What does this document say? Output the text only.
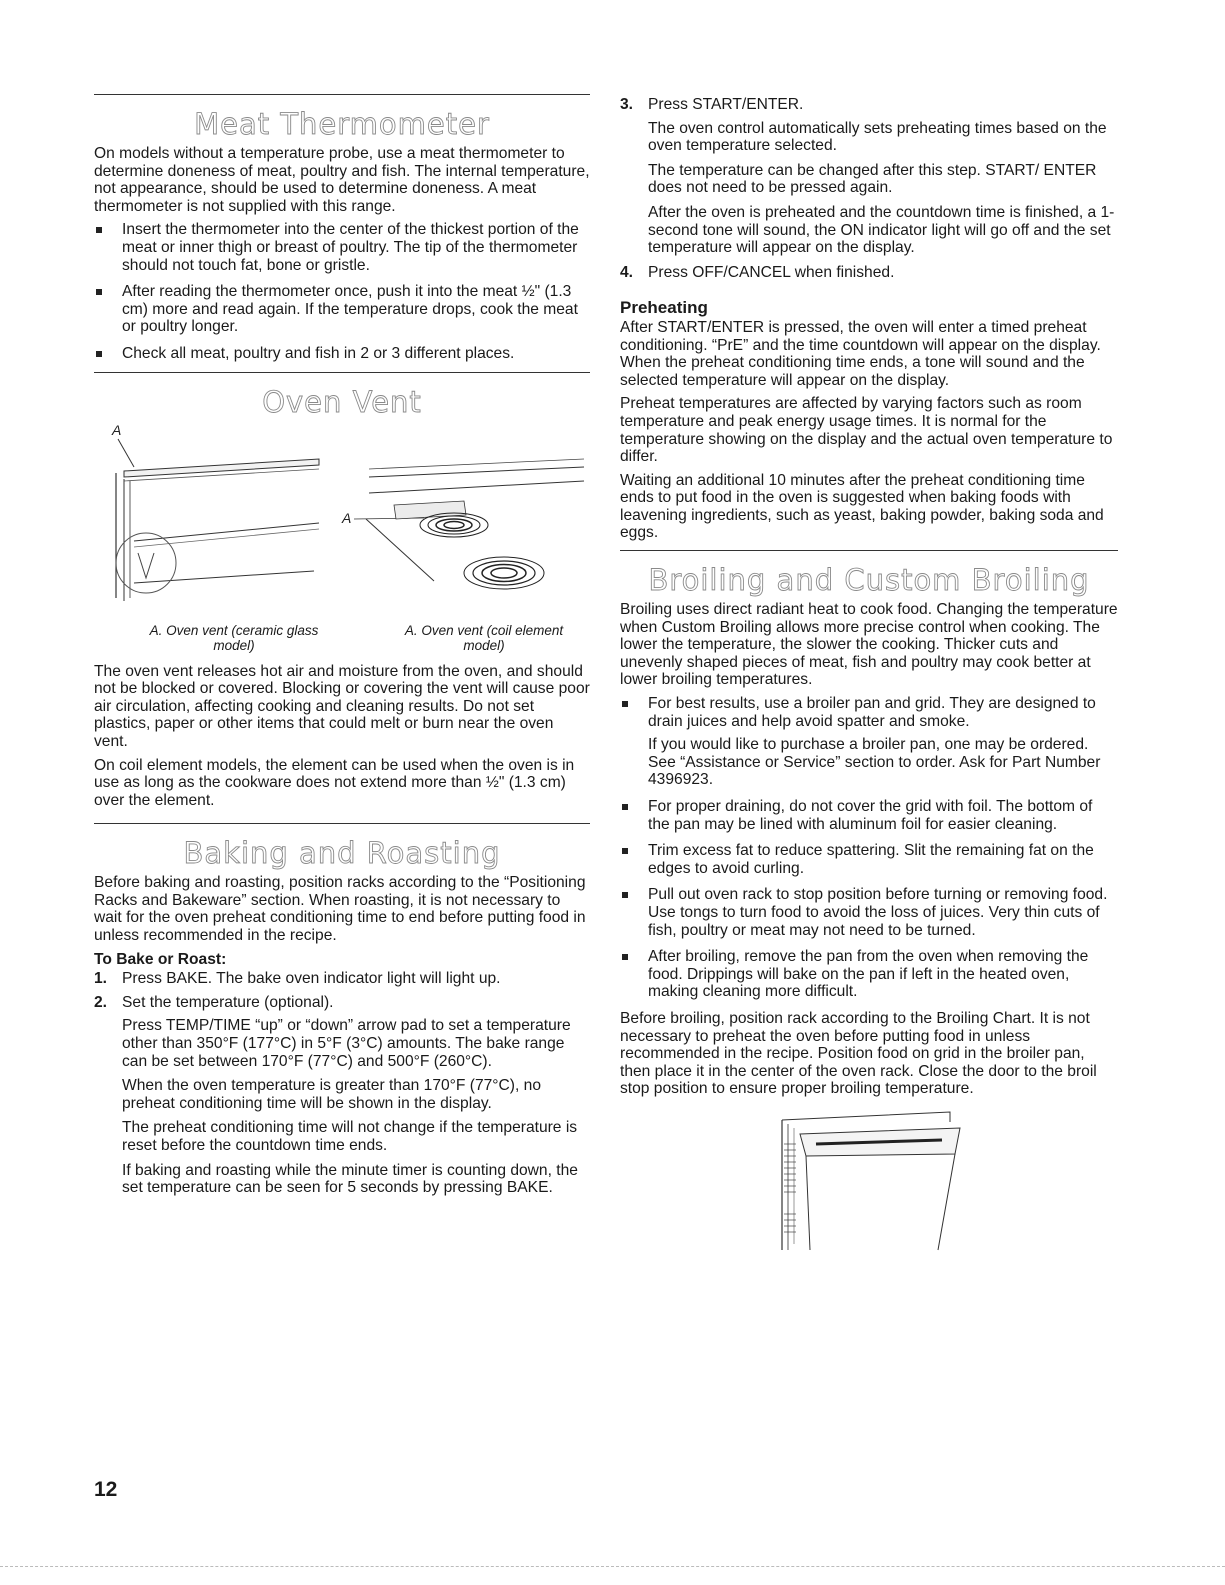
Meat Thermometer

On models without a temperature probe, use a meat thermometer to determine doneness of meat, poultry and fish. The internal temperature, not appearance, should be used to determine doneness. A meat thermometer is not supplied with this range.

Insert the thermometer into the center of the thickest portion of the meat or inner thigh or breast of poultry. The tip of the thermometer should not touch fat, bone or gristle.
After reading the thermometer once, push it into the meat ½" (1.3 cm) more and read again. If the temperature drops, cook the meat or poultry longer.
Check all meat, poultry and fish in 2 or 3 different places.
Oven Vent
A
A
A. Oven vent (ceramic glass model)
A. Oven vent (coil element model)

The oven vent releases hot air and moisture from the oven, and should not be blocked or covered. Blocking or covering the vent will cause poor air circulation, affecting cooking and cleaning results. Do not set plastics, paper or other items that could melt or burn near the oven vent.

On coil element models, the element can be used when the oven is in use as long as the cookware does not extend more than ½" (1.3 cm) over the element.

Baking and Roasting

Before baking and roasting, position racks according to the “Positioning Racks and Bakeware” section. When roasting, it is not necessary to wait for the oven preheat conditioning time to end before putting food in unless recommended in the recipe.

To Bake or Roast:
1. Press BAKE. The bake oven indicator light will light up.
2. Set the temperature (optional).

Press TEMP/TIME “up” or “down” arrow pad to set a temperature other than 350°F (177°C) in 5°F (3°C) amounts. The bake range can be set between 170°F (77°C) and 500°F (260°C).

When the oven temperature is greater than 170°F (77°C), no preheat conditioning time will be shown in the display.

The preheat conditioning time will not change if the temperature is reset before the countdown time ends.

If baking and roasting while the minute timer is counting down, the set temperature can be seen for 5 seconds by pressing BAKE.

3. Press START/ENTER.

The oven control automatically sets preheating times based on the oven temperature selected.

The temperature can be changed after this step. START/ ENTER does not need to be pressed again.

After the oven is preheated and the countdown time is finished, a 1-second tone will sound, the ON indicator light will go off and the set temperature will appear on the display.

4. Press OFF/CANCEL when finished.
Preheating

After START/ENTER is pressed, the oven will enter a timed preheat conditioning. “PrE” and the time countdown will appear on the display. When the preheat conditioning time ends, a tone will sound and the selected temperature will appear on the display.

Preheat temperatures are affected by varying factors such as room temperature and peak energy usage times. It is normal for the temperature showing on the display and the actual oven temperature to differ.

Waiting an additional 10 minutes after the preheat conditioning time ends to put food in the oven is suggested when baking foods with leavening ingredients, such as yeast, baking powder, baking soda and eggs.

Broiling and Custom Broiling

Broiling uses direct radiant heat to cook food. Changing the temperature when Custom Broiling allows more precise control when cooking. The lower the temperature, the slower the cooking. Thicker cuts and unevenly shaped pieces of meat, fish and poultry may cook better at lower broiling temperatures.

For best results, use a broiler pan and grid. They are designed to drain juices and help avoid spatter and smoke.
If you would like to purchase a broiler pan, one may be ordered. See “Assistance or Service” section to order. Ask for Part Number 4396923.
For proper draining, do not cover the grid with foil. The bottom of the pan may be lined with aluminum foil for easier cleaning.
Trim excess fat to reduce spattering. Slit the remaining fat on the edges to avoid curling.
Pull out oven rack to stop position before turning or removing food. Use tongs to turn food to avoid the loss of juices. Very thin cuts of fish, poultry or meat may not need to be turned.
After broiling, remove the pan from the oven when removing the food. Drippings will bake on the pan if left in the heated oven, making cleaning more difficult.

Before broiling, position rack according to the Broiling Chart. It is not necessary to preheat the oven before putting food in unless recommended in the recipe. Position food on grid in the broiler pan, then place it in the center of the oven rack. Close the door to the broil stop position to ensure proper broiling temperature.

12
